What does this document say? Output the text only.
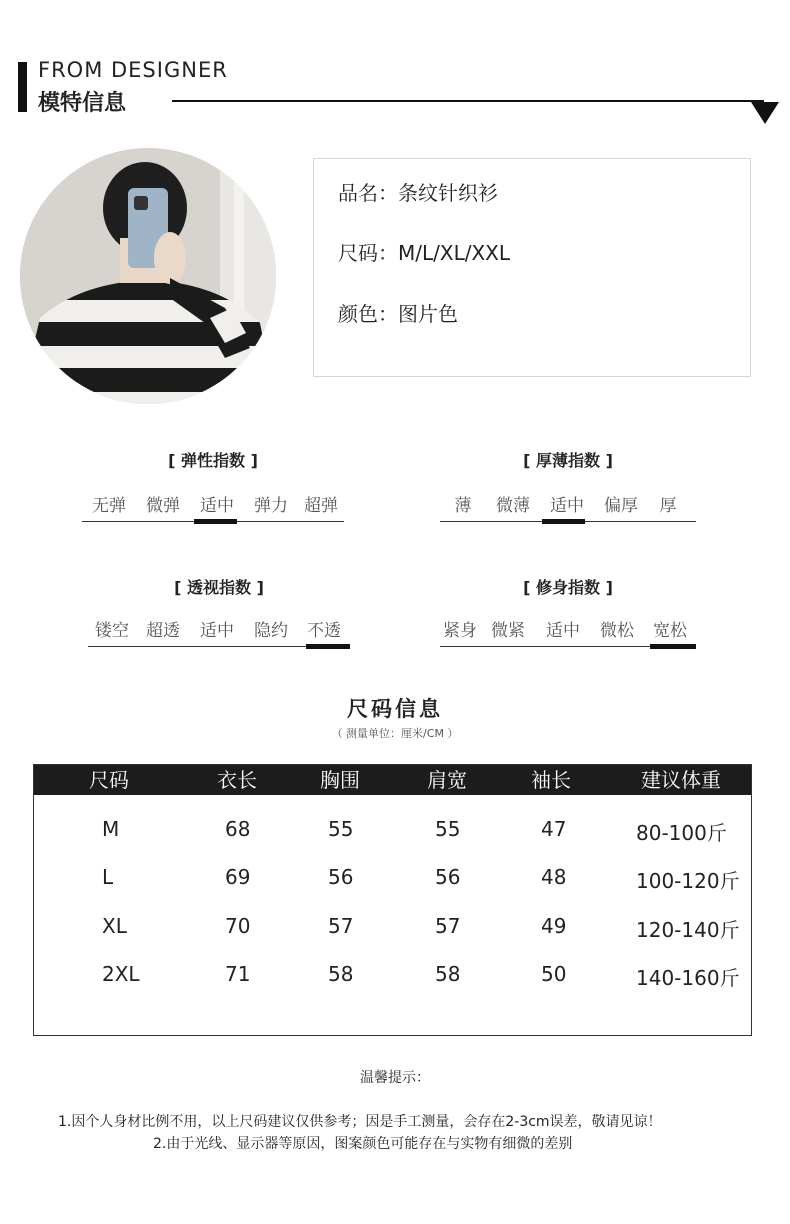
FROM DESIGNER
模特信息
品名：条纹针织衫
尺码：M/L/XL/XXL
颜色：图片色
[ 弹性指数 ]
无弹	微弹	适中	弹力 超弹
[ 厚薄指数 ]
薄	微薄	适中	偏厚	厚
[ 透视指数 ]
镂空	超透	适中	隐约	不透
[ 修身指数 ]
紧身 微紧	适中	微松	宽松
尺码信息
（ 测量单位：厘米/CM ）
尺码	衣长	胸围	肩宽	袖长	建议体重
M	68	55	55	47	80-100斤
L	69	56	56	48	100-120斤
XL	70	57	57	49	120-140斤
2XL	71	58	58	50	140-160斤
温馨提示：
1.因个人身材比例不用，以上尺码建议仅供参考；因是手工测量，会存在2-3cm误差，敬请见谅！
2.由于光线、显示器等原因，图案颜色可能存在与实物有细微的差别
